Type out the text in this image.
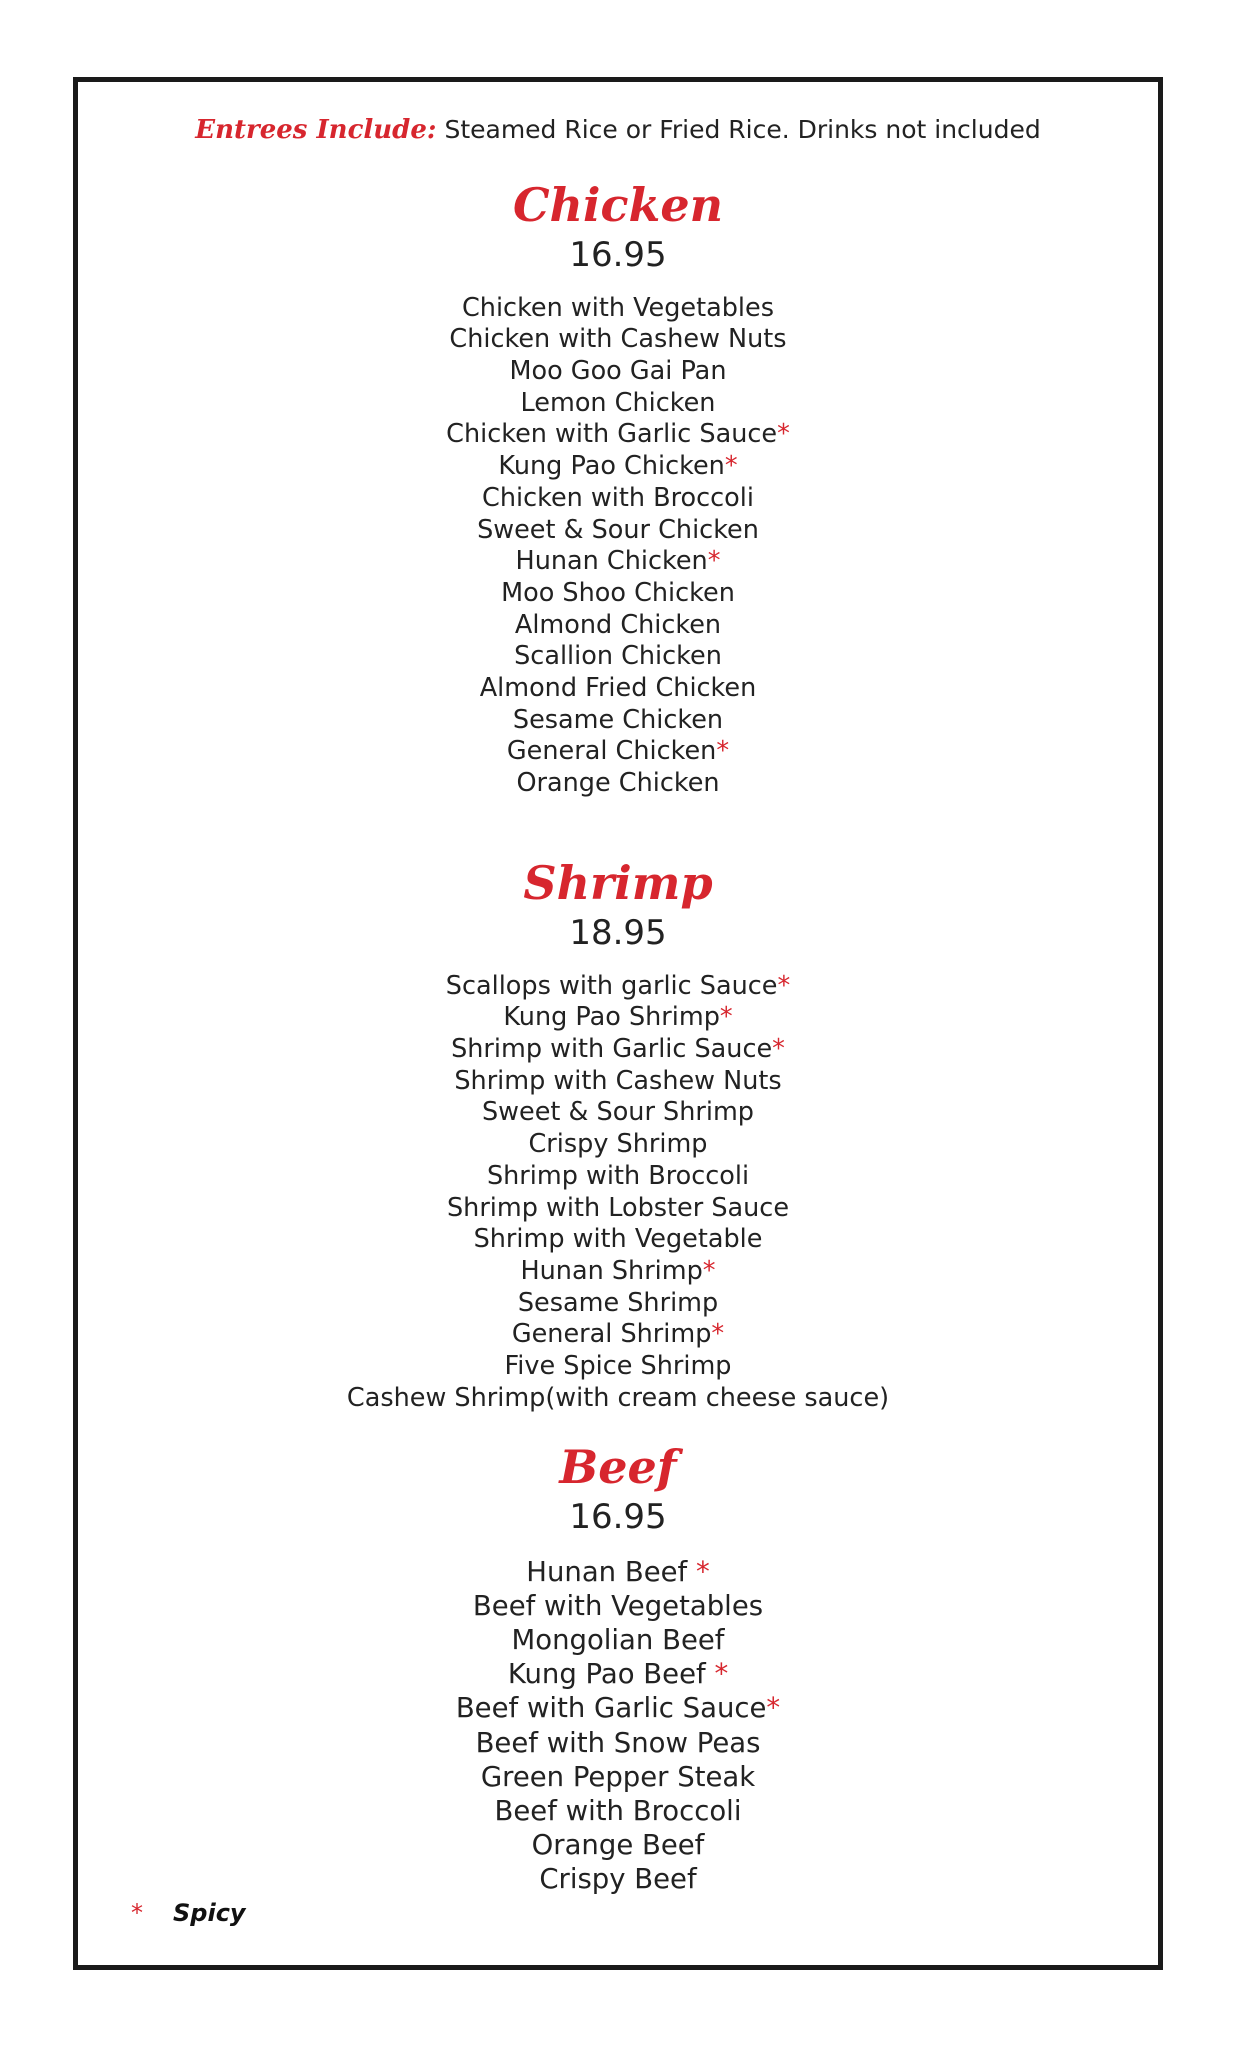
Entrees Include: Steamed Rice or Fried Rice. Drinks not included
Chicken
16.95
Chicken with Vegetables
Chicken with Cashew Nuts
Moo Goo Gai Pan
Lemon Chicken
Chicken with Garlic Sauce*
Kung Pao Chicken*
Chicken with Broccoli
Sweet & Sour Chicken
Hunan Chicken*
Moo Shoo Chicken
Almond Chicken
Scallion Chicken
Almond Fried Chicken
Sesame Chicken
General Chicken*
Orange Chicken
Shrimp
18.95
Scallops with garlic Sauce*
Kung Pao Shrimp*
Shrimp with Garlic Sauce*
Shrimp with Cashew Nuts
Sweet & Sour Shrimp
Crispy Shrimp
Shrimp with Broccoli
Shrimp with Lobster Sauce
Shrimp with Vegetable
Hunan Shrimp*
Sesame Shrimp
General Shrimp*
Five Spice Shrimp
Cashew Shrimp(with cream cheese sauce)
Beef
16.95
Hunan Beef *
Beef with Vegetables
Mongolian Beef
Kung Pao Beef *
Beef with Garlic Sauce*
Beef with Snow Peas
Green Pepper Steak
Beef with Broccoli
Orange Beef
Crispy Beef
* Spicy
